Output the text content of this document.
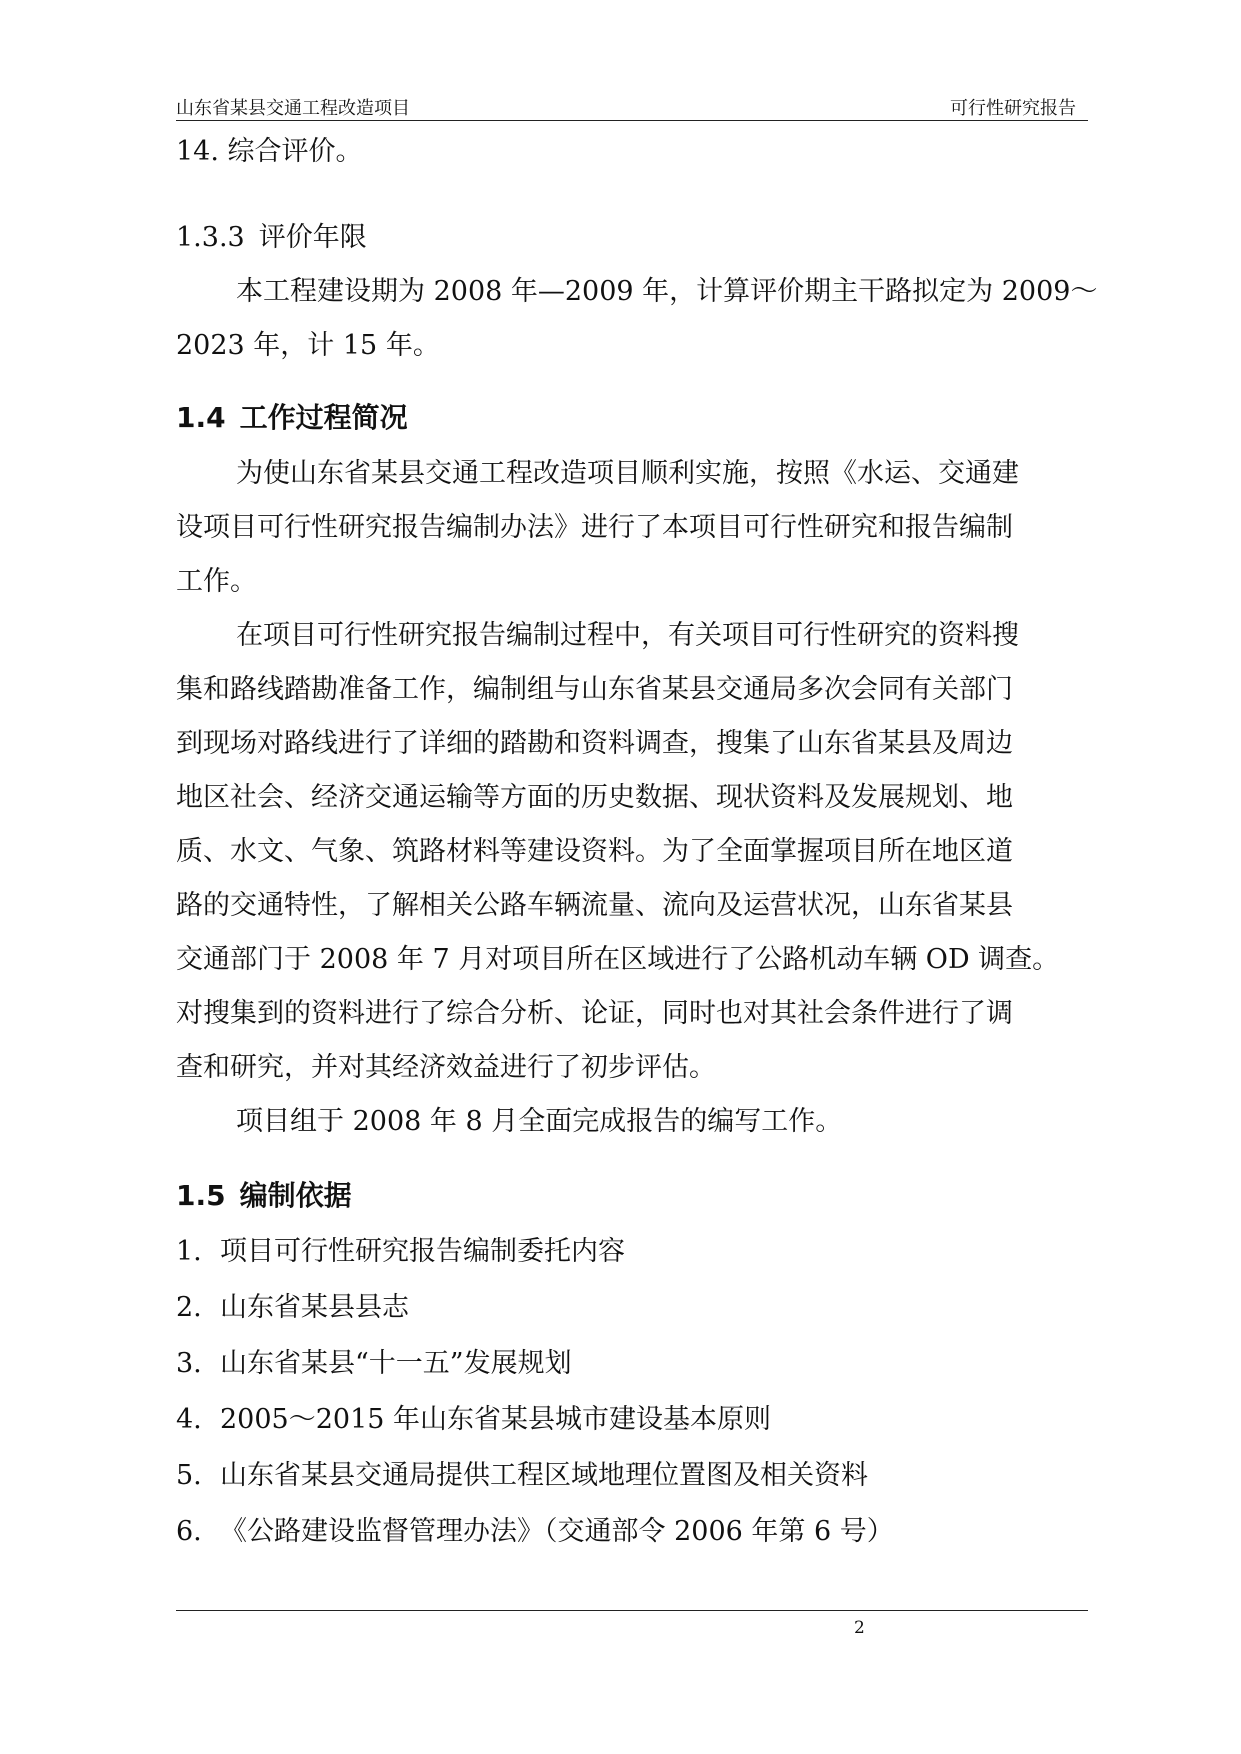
山东省某县交通工程改造项目	可行性研究报告
14. 综合评价。
1.3.3 评价年限
本工程建设期为 2008 年—2009 年，计算评价期主干路拟定为 2009～
2023 年，计 15 年。
1.4 工作过程简况
为使山东省某县交通工程改造项目顺利实施，按照《水运、交通建
设项目可行性研究报告编制办法》进行了本项目可行性研究和报告编制
工作。
在项目可行性研究报告编制过程中，有关项目可行性研究的资料搜
集和路线踏勘准备工作，编制组与山东省某县交通局多次会同有关部门
到现场对路线进行了详细的踏勘和资料调查，搜集了山东省某县及周边
地区社会、经济交通运输等方面的历史数据、现状资料及发展规划、地
质、水文、气象、筑路材料等建设资料。为了全面掌握项目所在地区道
路的交通特性，了解相关公路车辆流量、流向及运营状况，山东省某县
交通部门于 2008 年 7 月对项目所在区域进行了公路机动车辆 OD 调查。
对搜集到的资料进行了综合分析、论证，同时也对其社会条件进行了调
查和研究，并对其经济效益进行了初步评估。
项目组于 2008 年 8 月全面完成报告的编写工作。
1.5 编制依据
1. 项目可行性研究报告编制委托内容
2. 山东省某县县志
3. 山东省某县“十一五”发展规划
4. 2005～2015 年山东省某县城市建设基本原则
5. 山东省某县交通局提供工程区域地理位置图及相关资料
6. 《公路建设监督管理办法》（交通部令 2006 年第 6 号）
2
